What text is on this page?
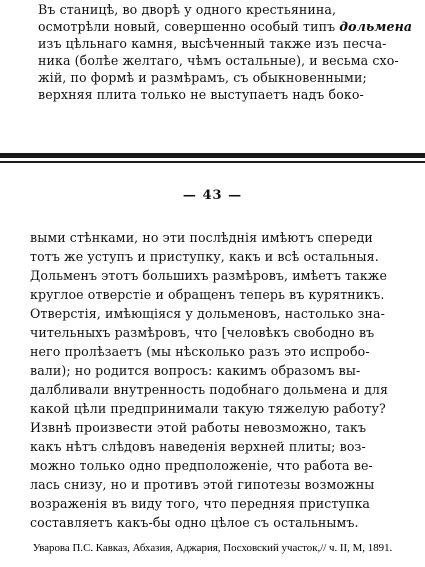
Въ станицѣ, во дворѣ у одного крестьянина,
осмотрѣли новый, совершенно особый типъ дольмена
изъ цѣльнаго камня, высѣченный также изъ песча-
ника (болѣе желтаго, чѣмъ остальные), и весьма схо-
жій, по формѣ и размѣрамъ, съ обыкновенными;
верхняя плита только не выступаетъ надъ боко-
— 43 —
выми стѣнками, но эти послѣднія имѣютъ спереди
тотъ же уступъ и приступку, какъ и всѣ остальныя.
Дольменъ этотъ большихъ размѣровъ, имѣетъ также
круглое отверстіе и обращенъ теперь въ курятникъ.
Отверстія, имѣющіяся у дольменовъ, настолько зна-
чительныхъ размѣровъ, что [человѣкъ свободно въ
него пролѣзаетъ (мы нѣсколько разъ это испробо-
вали); но родится вопросъ: какимъ образомъ вы-
далбливали внутренность подобнаго дольмена и для
какой цѣли предпринимали такую тяжелую работу?
Извнѣ произвести этой работы невозможно, такъ
какъ нѣтъ слѣдовъ наведенія верхней плиты; воз-
можно только одно предположеніе, что работа ве-
лась снизу, но и противъ этой гипотезы возможны
возраженія въ виду того, что передняя приступка
составляетъ какъ-бы одно цѣлое съ остальнымъ.
Уварова П.С. Кавказ, Абхазия, Аджария, Посховский участок,// ч. II, М, 1891.
